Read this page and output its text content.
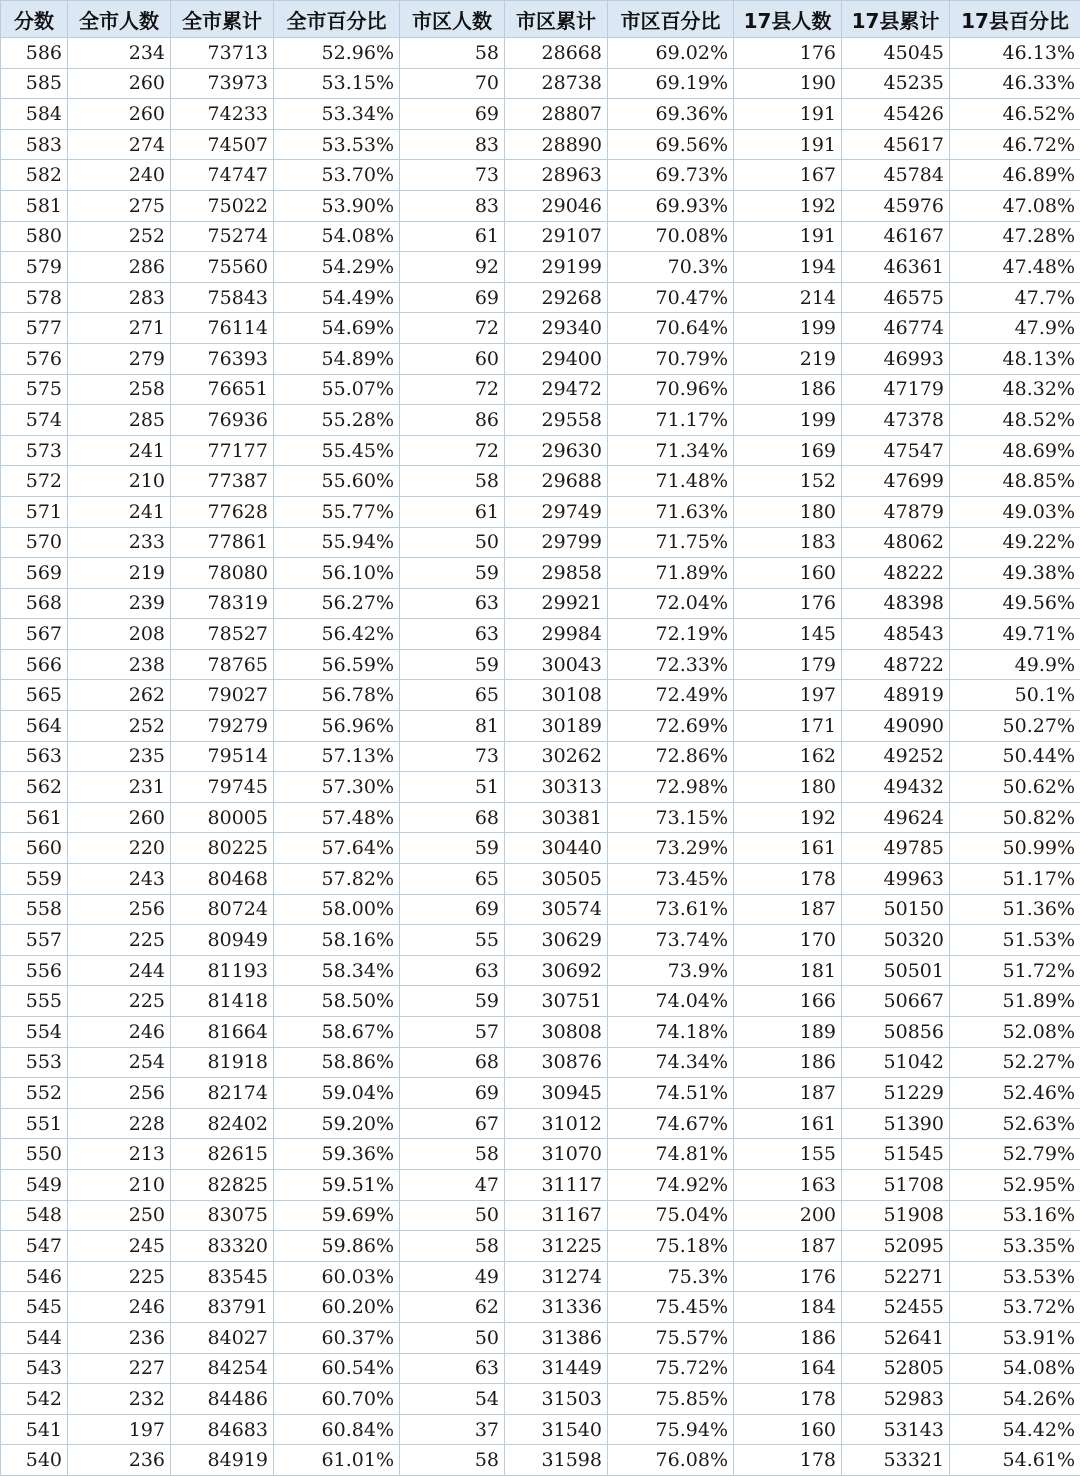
分数	全市人数	全市累计	全市百分比	市区人数	市区累计	市区百分比	17县人数	17县累计	17县百分比
586	234	73713	52.96%	58	28668	69.02%	176	45045	46.13%
585	260	73973	53.15%	70	28738	69.19%	190	45235	46.33%
584	260	74233	53.34%	69	28807	69.36%	191	45426	46.52%
583	274	74507	53.53%	83	28890	69.56%	191	45617	46.72%
582	240	74747	53.70%	73	28963	69.73%	167	45784	46.89%
581	275	75022	53.90%	83	29046	69.93%	192	45976	47.08%
580	252	75274	54.08%	61	29107	70.08%	191	46167	47.28%
579	286	75560	54.29%	92	29199	70.3%	194	46361	47.48%
578	283	75843	54.49%	69	29268	70.47%	214	46575	47.7%
577	271	76114	54.69%	72	29340	70.64%	199	46774	47.9%
576	279	76393	54.89%	60	29400	70.79%	219	46993	48.13%
575	258	76651	55.07%	72	29472	70.96%	186	47179	48.32%
574	285	76936	55.28%	86	29558	71.17%	199	47378	48.52%
573	241	77177	55.45%	72	29630	71.34%	169	47547	48.69%
572	210	77387	55.60%	58	29688	71.48%	152	47699	48.85%
571	241	77628	55.77%	61	29749	71.63%	180	47879	49.03%
570	233	77861	55.94%	50	29799	71.75%	183	48062	49.22%
569	219	78080	56.10%	59	29858	71.89%	160	48222	49.38%
568	239	78319	56.27%	63	29921	72.04%	176	48398	49.56%
567	208	78527	56.42%	63	29984	72.19%	145	48543	49.71%
566	238	78765	56.59%	59	30043	72.33%	179	48722	49.9%
565	262	79027	56.78%	65	30108	72.49%	197	48919	50.1%
564	252	79279	56.96%	81	30189	72.69%	171	49090	50.27%
563	235	79514	57.13%	73	30262	72.86%	162	49252	50.44%
562	231	79745	57.30%	51	30313	72.98%	180	49432	50.62%
561	260	80005	57.48%	68	30381	73.15%	192	49624	50.82%
560	220	80225	57.64%	59	30440	73.29%	161	49785	50.99%
559	243	80468	57.82%	65	30505	73.45%	178	49963	51.17%
558	256	80724	58.00%	69	30574	73.61%	187	50150	51.36%
557	225	80949	58.16%	55	30629	73.74%	170	50320	51.53%
556	244	81193	58.34%	63	30692	73.9%	181	50501	51.72%
555	225	81418	58.50%	59	30751	74.04%	166	50667	51.89%
554	246	81664	58.67%	57	30808	74.18%	189	50856	52.08%
553	254	81918	58.86%	68	30876	74.34%	186	51042	52.27%
552	256	82174	59.04%	69	30945	74.51%	187	51229	52.46%
551	228	82402	59.20%	67	31012	74.67%	161	51390	52.63%
550	213	82615	59.36%	58	31070	74.81%	155	51545	52.79%
549	210	82825	59.51%	47	31117	74.92%	163	51708	52.95%
548	250	83075	59.69%	50	31167	75.04%	200	51908	53.16%
547	245	83320	59.86%	58	31225	75.18%	187	52095	53.35%
546	225	83545	60.03%	49	31274	75.3%	176	52271	53.53%
545	246	83791	60.20%	62	31336	75.45%	184	52455	53.72%
544	236	84027	60.37%	50	31386	75.57%	186	52641	53.91%
543	227	84254	60.54%	63	31449	75.72%	164	52805	54.08%
542	232	84486	60.70%	54	31503	75.85%	178	52983	54.26%
541	197	84683	60.84%	37	31540	75.94%	160	53143	54.42%
540	236	84919	61.01%	58	31598	76.08%	178	53321	54.61%
